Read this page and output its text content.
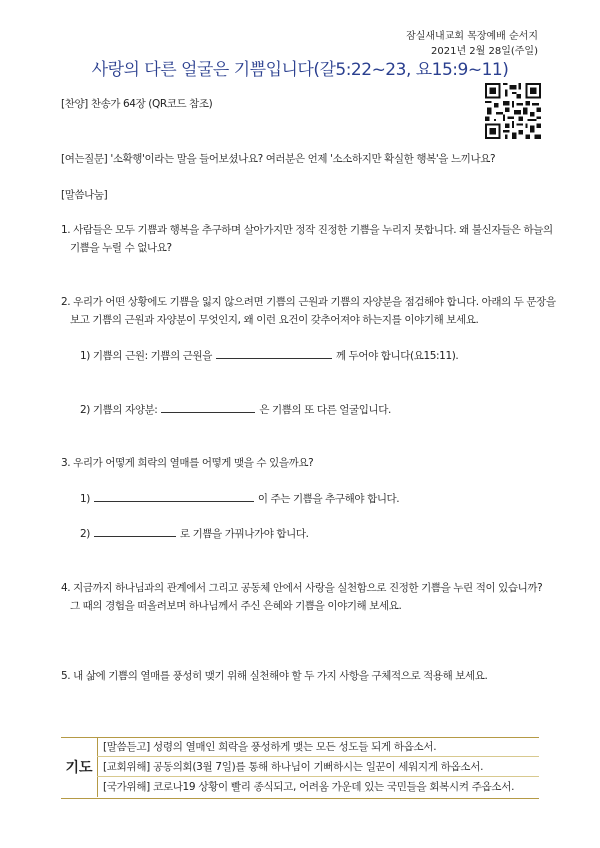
잠실새내교회 목장예배 순서지
2021년 2월 28일(주일)
사랑의 다른 얼굴은 기쁨입니다(갈5:22~23, 요15:9~11)
[찬양] 찬송가 64장 (QR코드 참조)
[여는질문] '소확행'이라는 말을 들어보셨나요? 여러분은 언제 '소소하지만 확실한 행복'을 느끼나요?
[말씀나눔]
1. 사람들은 모두 기쁨과 행복을 추구하며 살아가지만 정작 진정한 기쁨을 누리지 못합니다. 왜 불신자들은 하늘의
기쁨을 누릴 수 없나요?
2. 우리가 어떤 상황에도 기쁨을 잃지 않으려면 기쁨의 근원과 기쁨의 자양분을 점검해야 합니다. 아래의 두 문장을
보고 기쁨의 근원과 자양분이 무엇인지, 왜 이런 요건이 갖추어져야 하는지를 이야기해 보세요.
1) 기쁨의 근원: 기쁨의 근원을	께 두어야 합니다(요15:11).
2) 기쁨의 자양분:	은 기쁨의 또 다른 얼굴입니다.
3. 우리가 어떻게 희락의 열매를 어떻게 맺을 수 있을까요?
1)	이 주는 기쁨을 추구해야 합니다.
2)	로 기쁨을 가꿔나가야 합니다.
4. 지금까지 하나님과의 관계에서 그리고 공동체 안에서 사랑을 실천함으로 진정한 기쁨을 누린 적이 있습니까?
그 때의 경험을 떠올려보며 하나님께서 주신 은혜와 기쁨을 이야기해 보세요.
5. 내 삶에 기쁨의 열매를 풍성히 맺기 위해 실천해야 할 두 가지 사항을 구체적으로 적용해 보세요.
기도
[말씀듣고] 성령의 열매인 희락을 풍성하게 맺는 모든 성도들 되게 하옵소서.
[교회위해] 공동의회(3월 7일)를 통해 하나님이 기뻐하시는 일꾼이 세워지게 하옵소서.
[국가위해] 코로나19 상황이 빨리 종식되고, 어려움 가운데 있는 국민들을 회복시켜 주옵소서.
